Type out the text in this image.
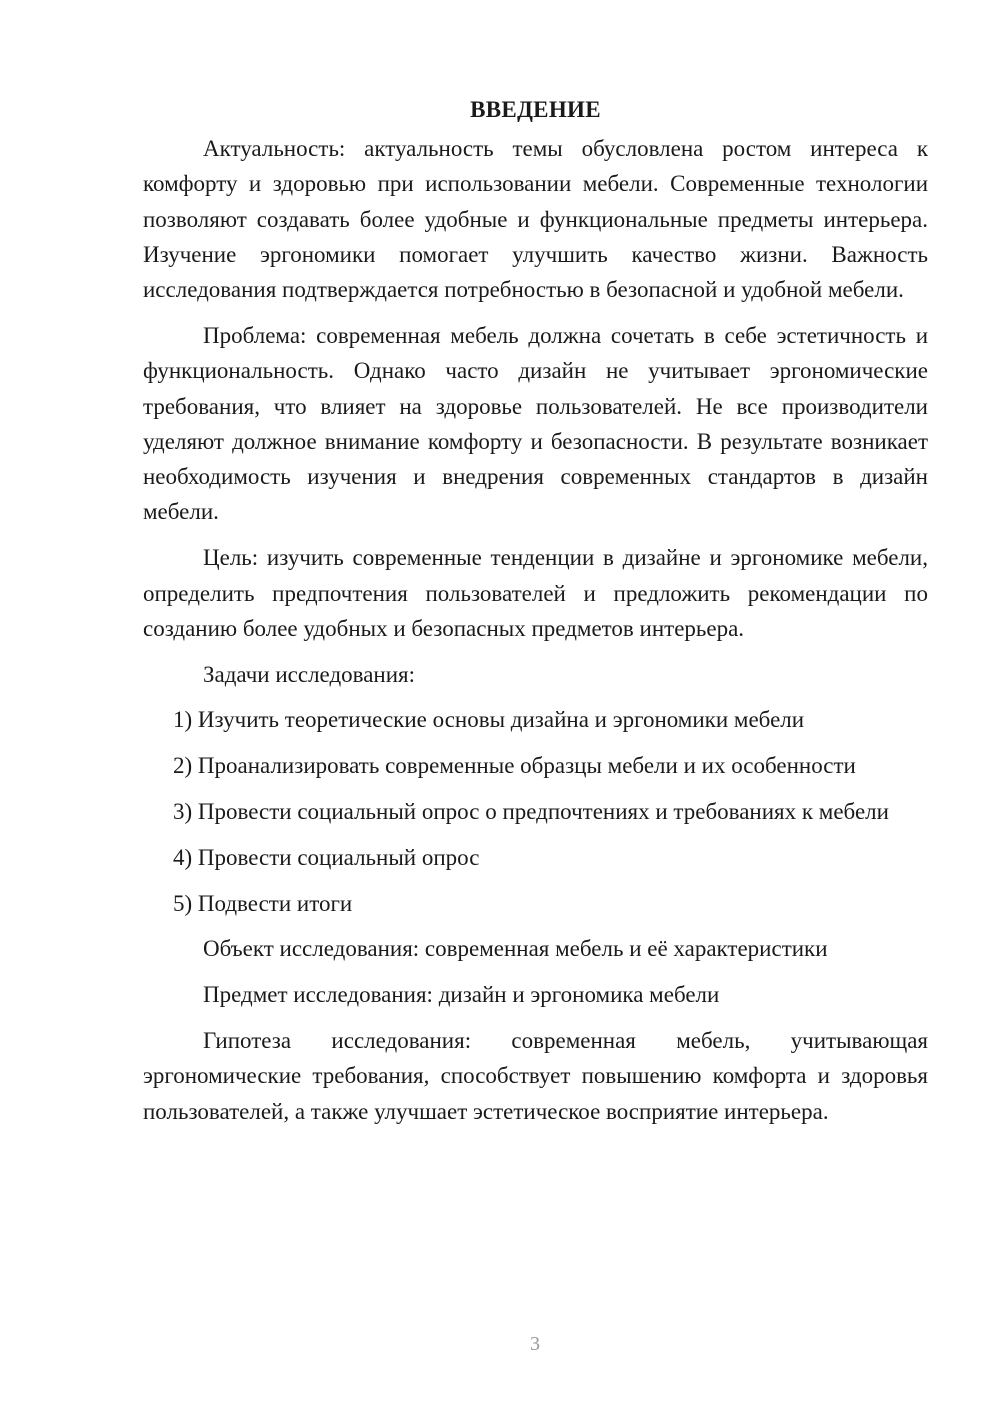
ВВЕДЕНИЕ

Актуальность: актуальность темы обусловлена ростом интереса к комфорту и здоровью при использовании мебели. Современные технологии позволяют создавать более удобные и функциональные предметы интерьера. Изучение эргономики помогает улучшить качество жизни. Важность исследования подтверждается потребностью в безопасной и удобной мебели.

Проблема: современная мебель должна сочетать в себе эстетичность и функциональность. Однако часто дизайн не учитывает эргономические требования, что влияет на здоровье пользователей. Не все производители уделяют должное внимание комфорту и безопасности. В результате возникает необходимость изучения и внедрения современных стандартов в дизайн мебели.

Цель: изучить современные тенденции в дизайне и эргономике мебели, определить предпочтения пользователей и предложить рекомендации по созданию более удобных и безопасных предметов интерьера.

Задачи исследования:

1) Изучить теоретические основы дизайна и эргономики мебели

2) Проанализировать современные образцы мебели и их особенности

3) Провести социальный опрос о предпочтениях и требованиях к мебели

4) Провести социальный опрос

5) Подвести итоги

Объект исследования: современная мебель и её характеристики

Предмет исследования: дизайн и эргономика мебели

Гипотеза исследования: современная мебель, учитывающая эргономические требования, способствует повышению комфорта и здоровья пользователей, а также улучшает эстетическое восприятие интерьера.

3
